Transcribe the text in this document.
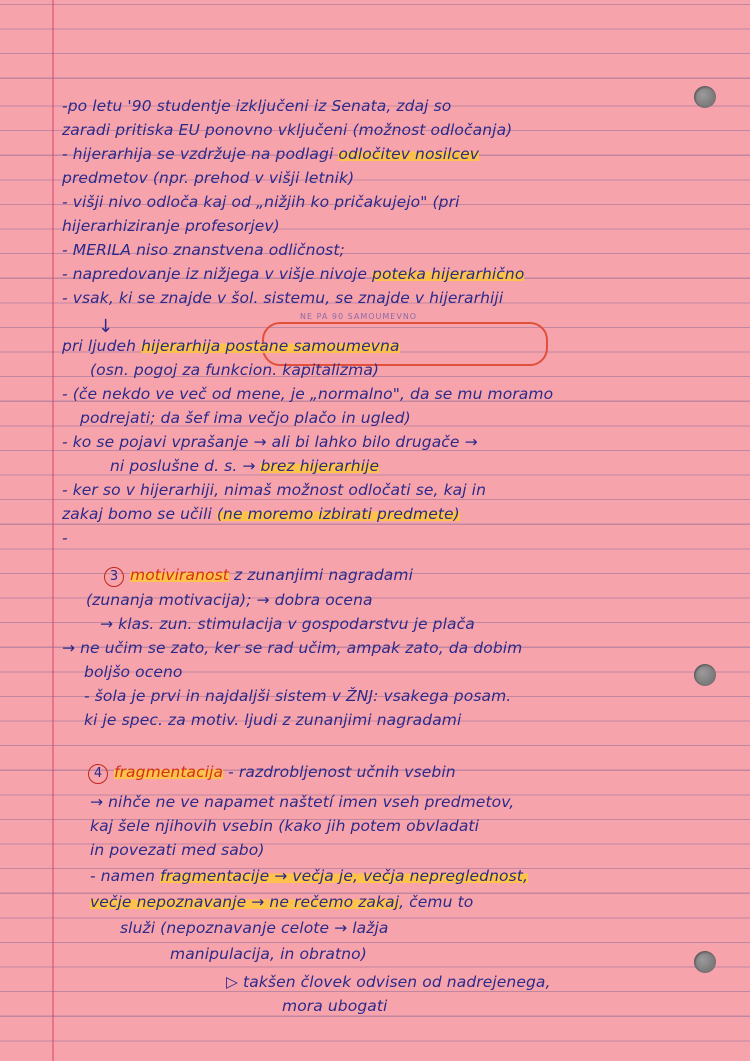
-po letu '90 studentje izključeni iz Senata, zdaj so
zaradi pritiska EU ponovno vključeni (možnost odločanja)
- hijerarhija se vzdržuje na podlagi odločitev nosilcev
predmetov (npr. prehod v višji letnik)
- višji nivo odloča kaj od „nižjih ko pričakujejo" (pri
hijerarhiziranje profesorjev)
- MERILA niso znanstvena odličnost;
- napredovanje iz nižjega v višje nivoje poteka hijerarhično
- vsak, ki se znajde v šol. sistemu, se znajde v hijerarhiji
↓	NE PA 90 SAMOUMEVNO
pri ljudeh hijerarhija postane samoumevna
(osn. pogoj za funkcion. kapitalizma)
- (če nekdo ve več od mene, je „normalno", da se mu moramo
podrejati; da šef ima večjo plačo in ugled)
- ko se pojavi vprašanje → ali bi lahko bilo drugače →
ni poslušne d. s. → brez hijerarhije
- ker so v hijerarhiji, nimaš možnost odločati se, kaj in
zakaj bomo se učili (ne moremo izbirati predmete)
-
3 motiviranost z zunanjimi nagradami
(zunanja motivacija); → dobra ocena
→ klas. zun. stimulacija v gospodarstvu je plača
→ ne učim se zato, ker se rad učim, ampak zato, da dobim
boljšo oceno
- šola je prvi in najdaljši sistem v ŽNJ: vsakega posam.
ki je spec. za motiv. ljudi z zunanjimi nagradami
4 fragmentacija - razdrobljenost učnih vsebin
→ nihče ne ve napamet naštetí imen vseh predmetov,
kaj šele njihovih vsebin (kako jih potem obvladati
in povezati med sabo)
- namen fragmentacije → večja je, večja nepreglednost,
večje nepoznavanje → ne rečemo zakaj, čemu to
služi (nepoznavanje celote → lažja
manipulacija, in obratno)
▷ takšen človek odvisen od nadrejenega,
mora ubogati
